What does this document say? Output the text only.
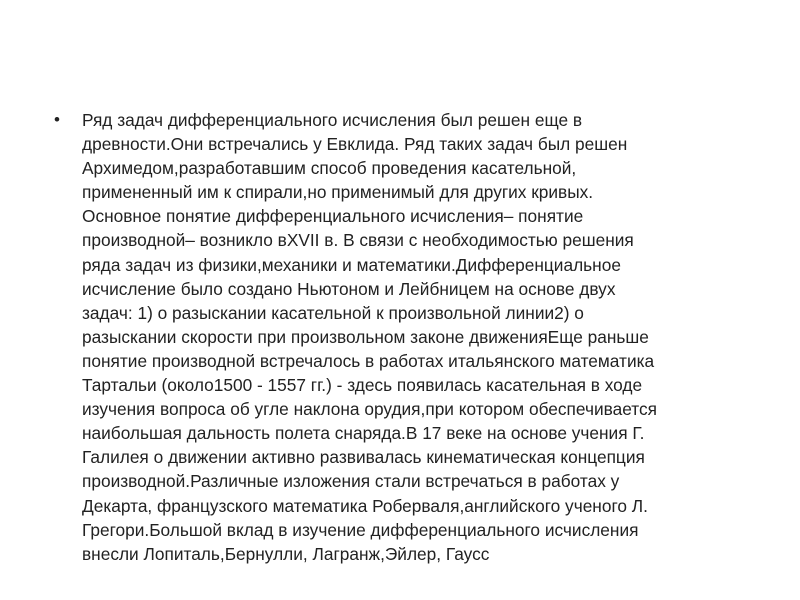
• Ряд задач дифференциального исчисления был решен еще в
древности.Они встречались у Евклида. Ряд таких задач был решен
Архимедом,разработавшим способ проведения касательной,
примененный им к спирали,но применимый для других кривых.
Основное понятие дифференциального исчисления– понятие
производной– возникло вXVII в. В связи с необходимостью решения
ряда задач из физики,механики и математики.Дифференциальное
исчисление было создано Ньютоном и Лейбницем на основе двух
задач: 1) о разыскании касательной к произвольной линии2) о
разыскании скорости при произвольном законе движенияЕще раньше
понятие производной встречалось в работах итальянского математика
Тартальи (около1500 - 1557 гг.) - здесь появилась касательная в ходе
изучения вопроса об угле наклона орудия,при котором обеспечивается
наибольшая дальность полета снаряда.В 17 веке на основе учения Г.
Галилея о движении активно развивалась кинематическая концепция
производной.Различные изложения стали встречаться в работах у
Декарта, французского математика Роберваля,английского ученого Л.
Грегори.Большой вклад в изучение дифференциального исчисления
внесли Лопиталь,Бернулли, Лагранж,Эйлер, Гаусс
